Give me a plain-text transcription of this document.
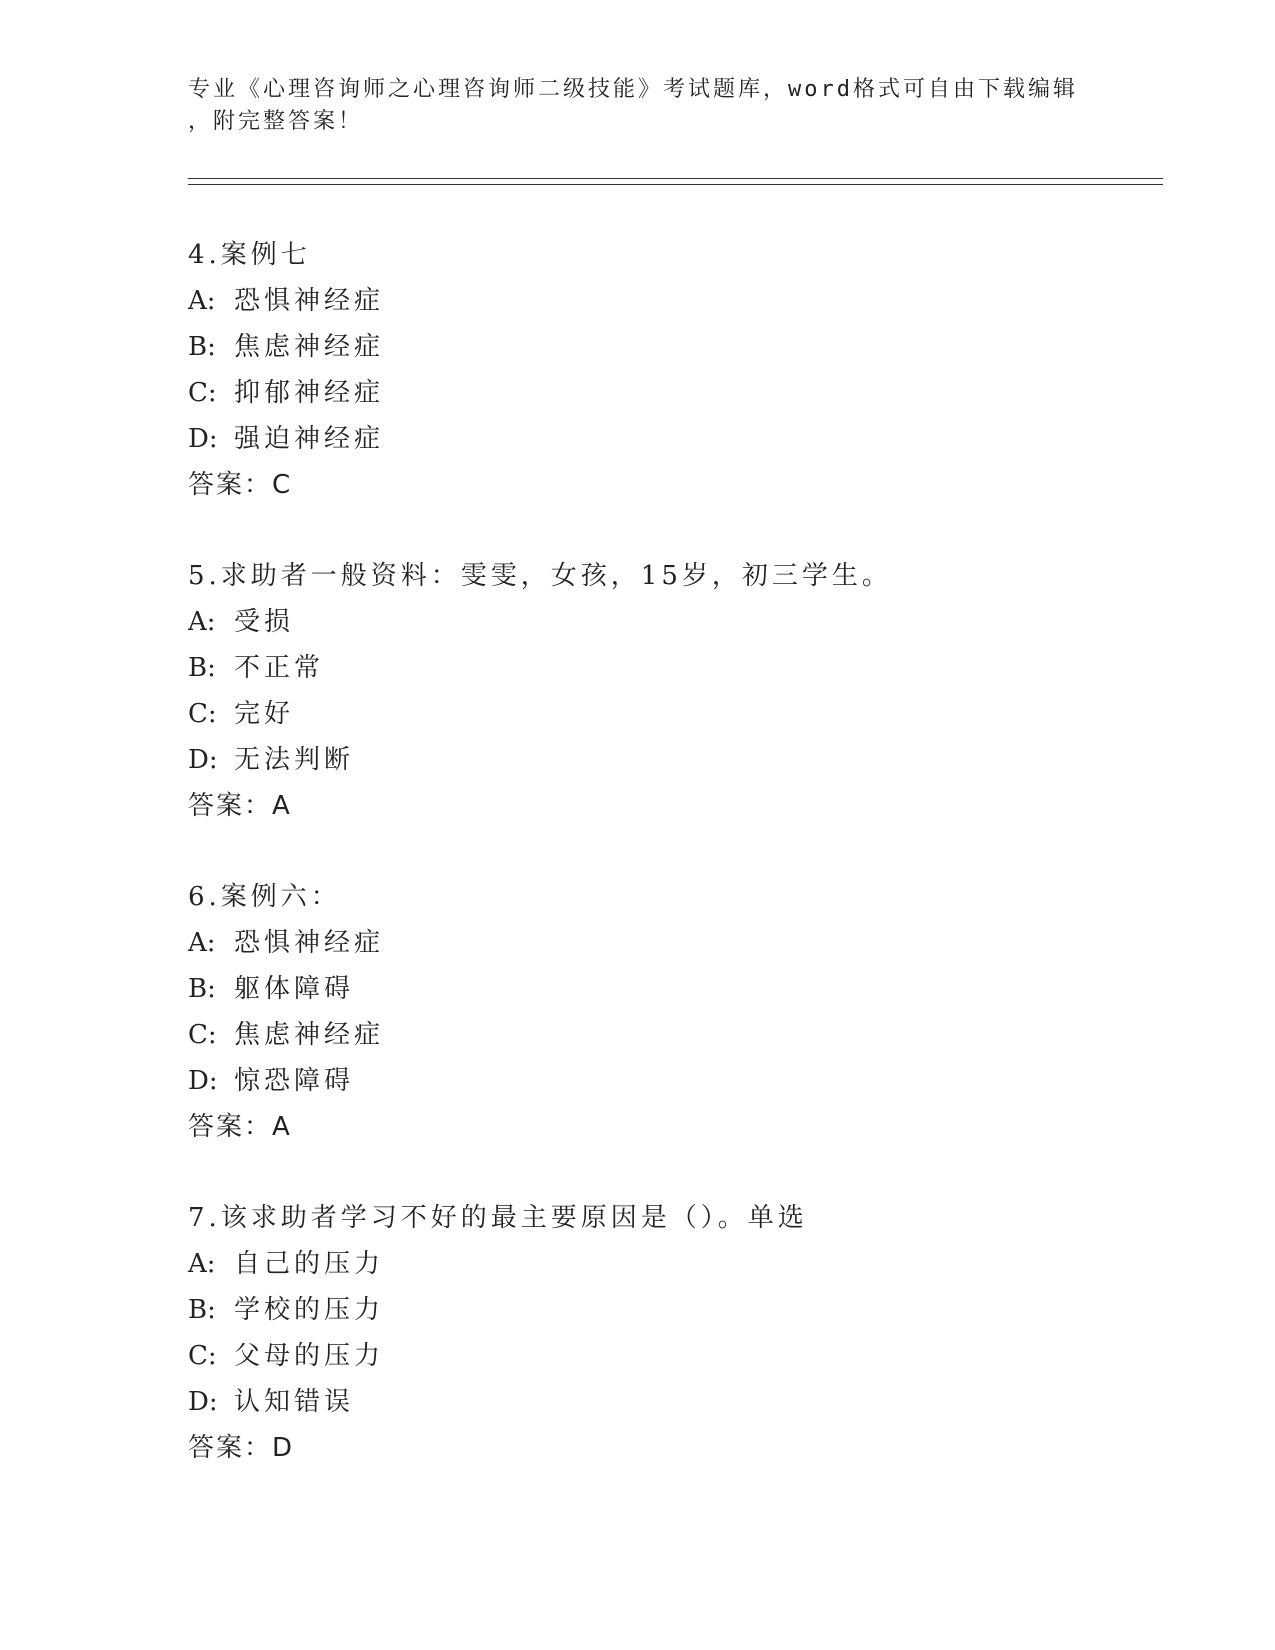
专业《心理咨询师之心理咨询师二级技能》考试题库，word格式可自由下载编辑
，附完整答案！
4.案例七
A: 恐惧神经症
B: 焦虑神经症
C: 抑郁神经症
D: 强迫神经症
答案：C
5.求助者一般资料：雯雯，女孩，15岁，初三学生。
A: 受损
B: 不正常
C: 完好
D: 无法判断
答案：A
6.案例六：
A: 恐惧神经症
B: 躯体障碍
C: 焦虑神经症
D: 惊恐障碍
答案：A
7.该求助者学习不好的最主要原因是（）。单选
A: 自己的压力
B: 学校的压力
C: 父母的压力
D: 认知错误
答案：D
